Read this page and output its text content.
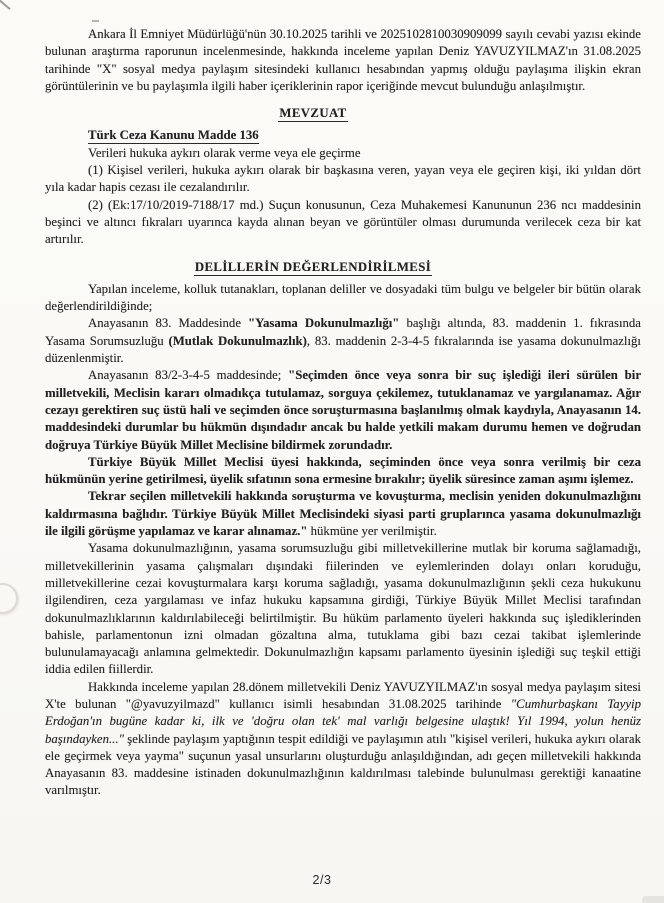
Ankara İl Emniyet Müdürlüğü'nün 30.10.2025 tarihli ve 2025102810030909099 sayılı cevabi yazısı ekinde bulunan araştırma raporunun incelenmesinde, hakkında inceleme yapılan Deniz YAVUZYILMAZ'ın 31.08.2025 tarihinde "X" sosyal medya paylaşım sitesindeki kullanıcı hesabından yapmış olduğu paylaşıma ilişkin ekran görüntülerinin ve bu paylaşımla ilgili haber içeriklerinin rapor içeriğinde mevcut bulunduğu anlaşılmıştır.

MEVZUAT

Türk Ceza Kanunu Madde 136

Verileri hukuka aykırı olarak verme veya ele geçirme

(1) Kişisel verileri, hukuka aykırı olarak bir başkasına veren, yayan veya ele geçiren kişi, iki yıldan dört yıla kadar hapis cezası ile cezalandırılır.

(2) (Ek:17/10/2019-7188/17 md.) Suçun konusunun, Ceza Muhakemesi Kanununun 236 ncı maddesinin beşinci ve altıncı fıkraları uyarınca kayda alınan beyan ve görüntüler olması durumunda verilecek ceza bir kat artırılır.

DELİLLERİN DEĞERLENDİRİLMESİ

Yapılan inceleme, kolluk tutanakları, toplanan deliller ve dosyadaki tüm bulgu ve belgeler bir bütün olarak değerlendirildiğinde;

Anayasanın 83. Maddesinde "Yasama Dokunulmazlığı" başlığı altında, 83. maddenin 1. fıkrasında Yasama Sorumsuzluğu (Mutlak Dokunulmazlık), 83. maddenin 2-3-4-5 fıkralarında ise yasama dokunulmazlığı düzenlenmiştir.

Anayasanın 83/2-3-4-5 maddesinde; "Seçimden önce veya sonra bir suç işlediği ileri sürülen bir milletvekili, Meclisin kararı olmadıkça tutulamaz, sorguya çekilemez, tutuklanamaz ve yargılanamaz. Ağır cezayı gerektiren suç üstü hali ve seçimden önce soruşturmasına başlanılmış olmak kaydıyla, Anayasanın 14. maddesindeki durumlar bu hükmün dışındadır ancak bu halde yetkili makam durumu hemen ve doğrudan doğruya Türkiye Büyük Millet Meclisine bildirmek zorundadır.

Türkiye Büyük Millet Meclisi üyesi hakkında, seçiminden önce veya sonra verilmiş bir ceza hükmünün yerine getirilmesi, üyelik sıfatının sona ermesine bırakılır; üyelik süresince zaman aşımı işlemez.

Tekrar seçilen milletvekili hakkında soruşturma ve kovuşturma, meclisin yeniden dokunulmazlığını kaldırmasına bağlıdır. Türkiye Büyük Millet Meclisindeki siyasi parti gruplarınca yasama dokunulmazlığı ile ilgili görüşme yapılamaz ve karar alınamaz." hükmüne yer verilmiştir.

Yasama dokunulmazlığının, yasama sorumsuzluğu gibi milletvekillerine mutlak bir koruma sağlamadığı, milletvekillerinin yasama çalışmaları dışındaki fiilerinden ve eylemlerinden dolayı onları koruduğu, milletvekillerine cezai kovuşturmalara karşı koruma sağladığı, yasama dokunulmazlığının şekli ceza hukukunu ilgilendiren, ceza yargılaması ve infaz hukuku kapsamına girdiği, Türkiye Büyük Millet Meclisi tarafından dokunulmazlıklarının kaldırılabileceği belirtilmiştir. Bu hüküm parlamento üyeleri hakkında suç işlediklerinden bahisle, parlamentonun izni olmadan gözaltına alma, tutuklama gibi bazı cezai takibat işlemlerinde bulunulamayacağı anlamına gelmektedir. Dokunulmazlığın kapsamı parlamento üyesinin işlediği suç teşkil ettiği iddia edilen fiillerdir.

Hakkında inceleme yapılan 28.dönem milletvekili Deniz YAVUZYILMAZ'ın sosyal medya paylaşım sitesi X'te bulunan "@yavuzyilmazd" kullanıcı isimli hesabından 31.08.2025 tarihinde "Cumhurbaşkanı Tayyip Erdoğan'ın bugüne kadar ki, ilk ve 'doğru olan tek' mal varlığı belgesine ulaştık! Yıl 1994, yolun henüz başındayken..." şeklinde paylaşım yaptığının tespit edildiği ve paylaşımın atılı "kişisel verileri, hukuka aykırı olarak ele geçirmek veya yayma" suçunun yasal unsurlarını oluşturduğu anlaşıldığından, adı geçen milletvekili hakkında Anayasanın 83. maddesine istinaden dokunulmazlığının kaldırılması talebinde bulunulması gerektiği kanaatine varılmıştır.

2/3
